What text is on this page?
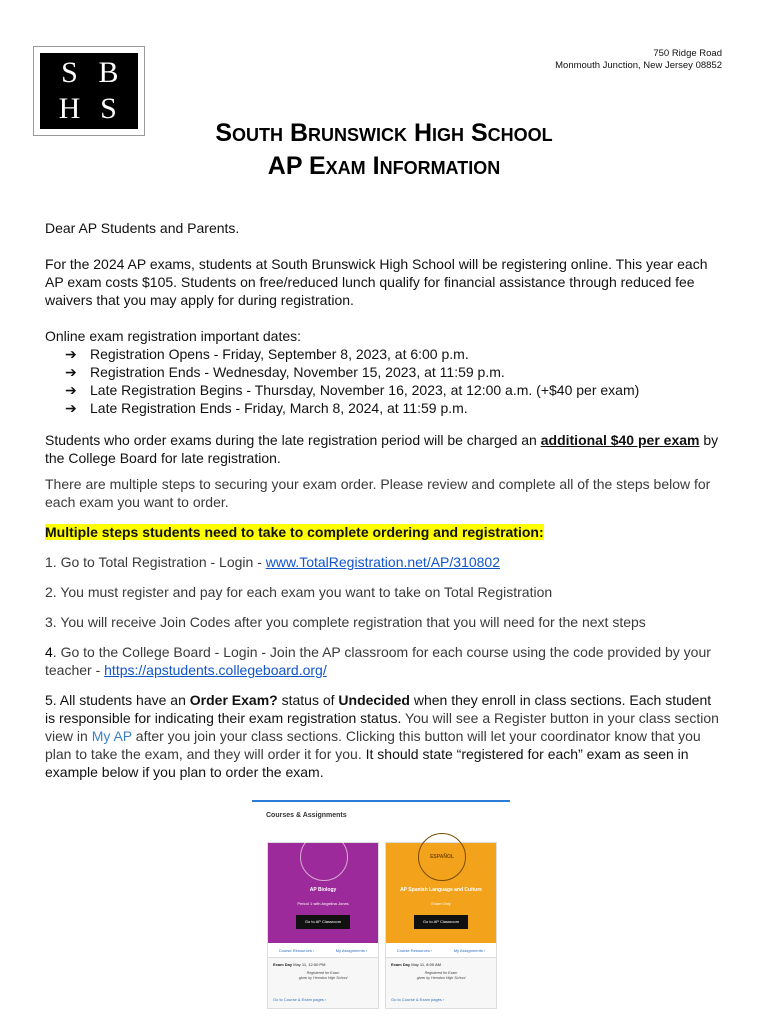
S B
H S
750 Ridge Road
Monmouth Junction, New Jersey 08852
South Brunswick High School
AP Exam Information

Dear AP Students and Parents.

For the 2024 AP exams, students at South Brunswick High School will be registering online. This year each AP exam costs $105. Students on free/reduced lunch qualify for financial assistance through reduced fee waivers that you may apply for during registration.

Online exam registration important dates:

➔ Registration Opens - Friday, September 8, 2023, at 6:00 p.m.
➔ Registration Ends - Wednesday, November 15, 2023, at 11:59 p.m.
➔ Late Registration Begins - Thursday, November 16, 2023, at 12:00 a.m. (+$40 per exam)
➔ Late Registration Ends - Friday, March 8, 2024, at 11:59 p.m.

Students who order exams during the late registration period will be charged an additional $40 per exam by the College Board for late registration.

There are multiple steps to securing your exam order. Please review and complete all of the steps below for each exam you want to order.

Multiple steps students need to take to complete ordering and registration:

1. Go to Total Registration - Login - www.TotalRegistration.net/AP/310802

2. You must register and pay for each exam you want to take on Total Registration

3. You will receive Join Codes after you complete registration that you will need for the next steps

4. Go to the College Board - Login - Join the AP classroom for each course using the code provided by your teacher - https://apstudents.collegeboard.org/

5. All students have an Order Exam? status of Undecided when they enroll in class sections. Each student is responsible for indicating their exam registration status. You will see a Register button in your class section view in My AP after you join your class sections. Clicking this button will let your coordinator know that you plan to take the exam, and they will order it for you. It should state “registered for each” exam as seen in example below if you plan to order the exam.

Courses & Assignments
AP Biology
Period 1 with Angelina Jones
Go to AP Classroom
Course Resources ›	My Assignments ›
Exam Day May 11, 12:00 PM
Registered for Exam
given by Herndon High School
Go to Course & Exam pages ›
ESPAÑOL
AP Spanish Language and Culture
Exam Only
Go to AP Classroom
Course Resources ›	My Assignments ›
Exam Day May 11, 8:00 AM
Registered for Exam
given by Herndon High School
Go to Course & Exam pages ›
